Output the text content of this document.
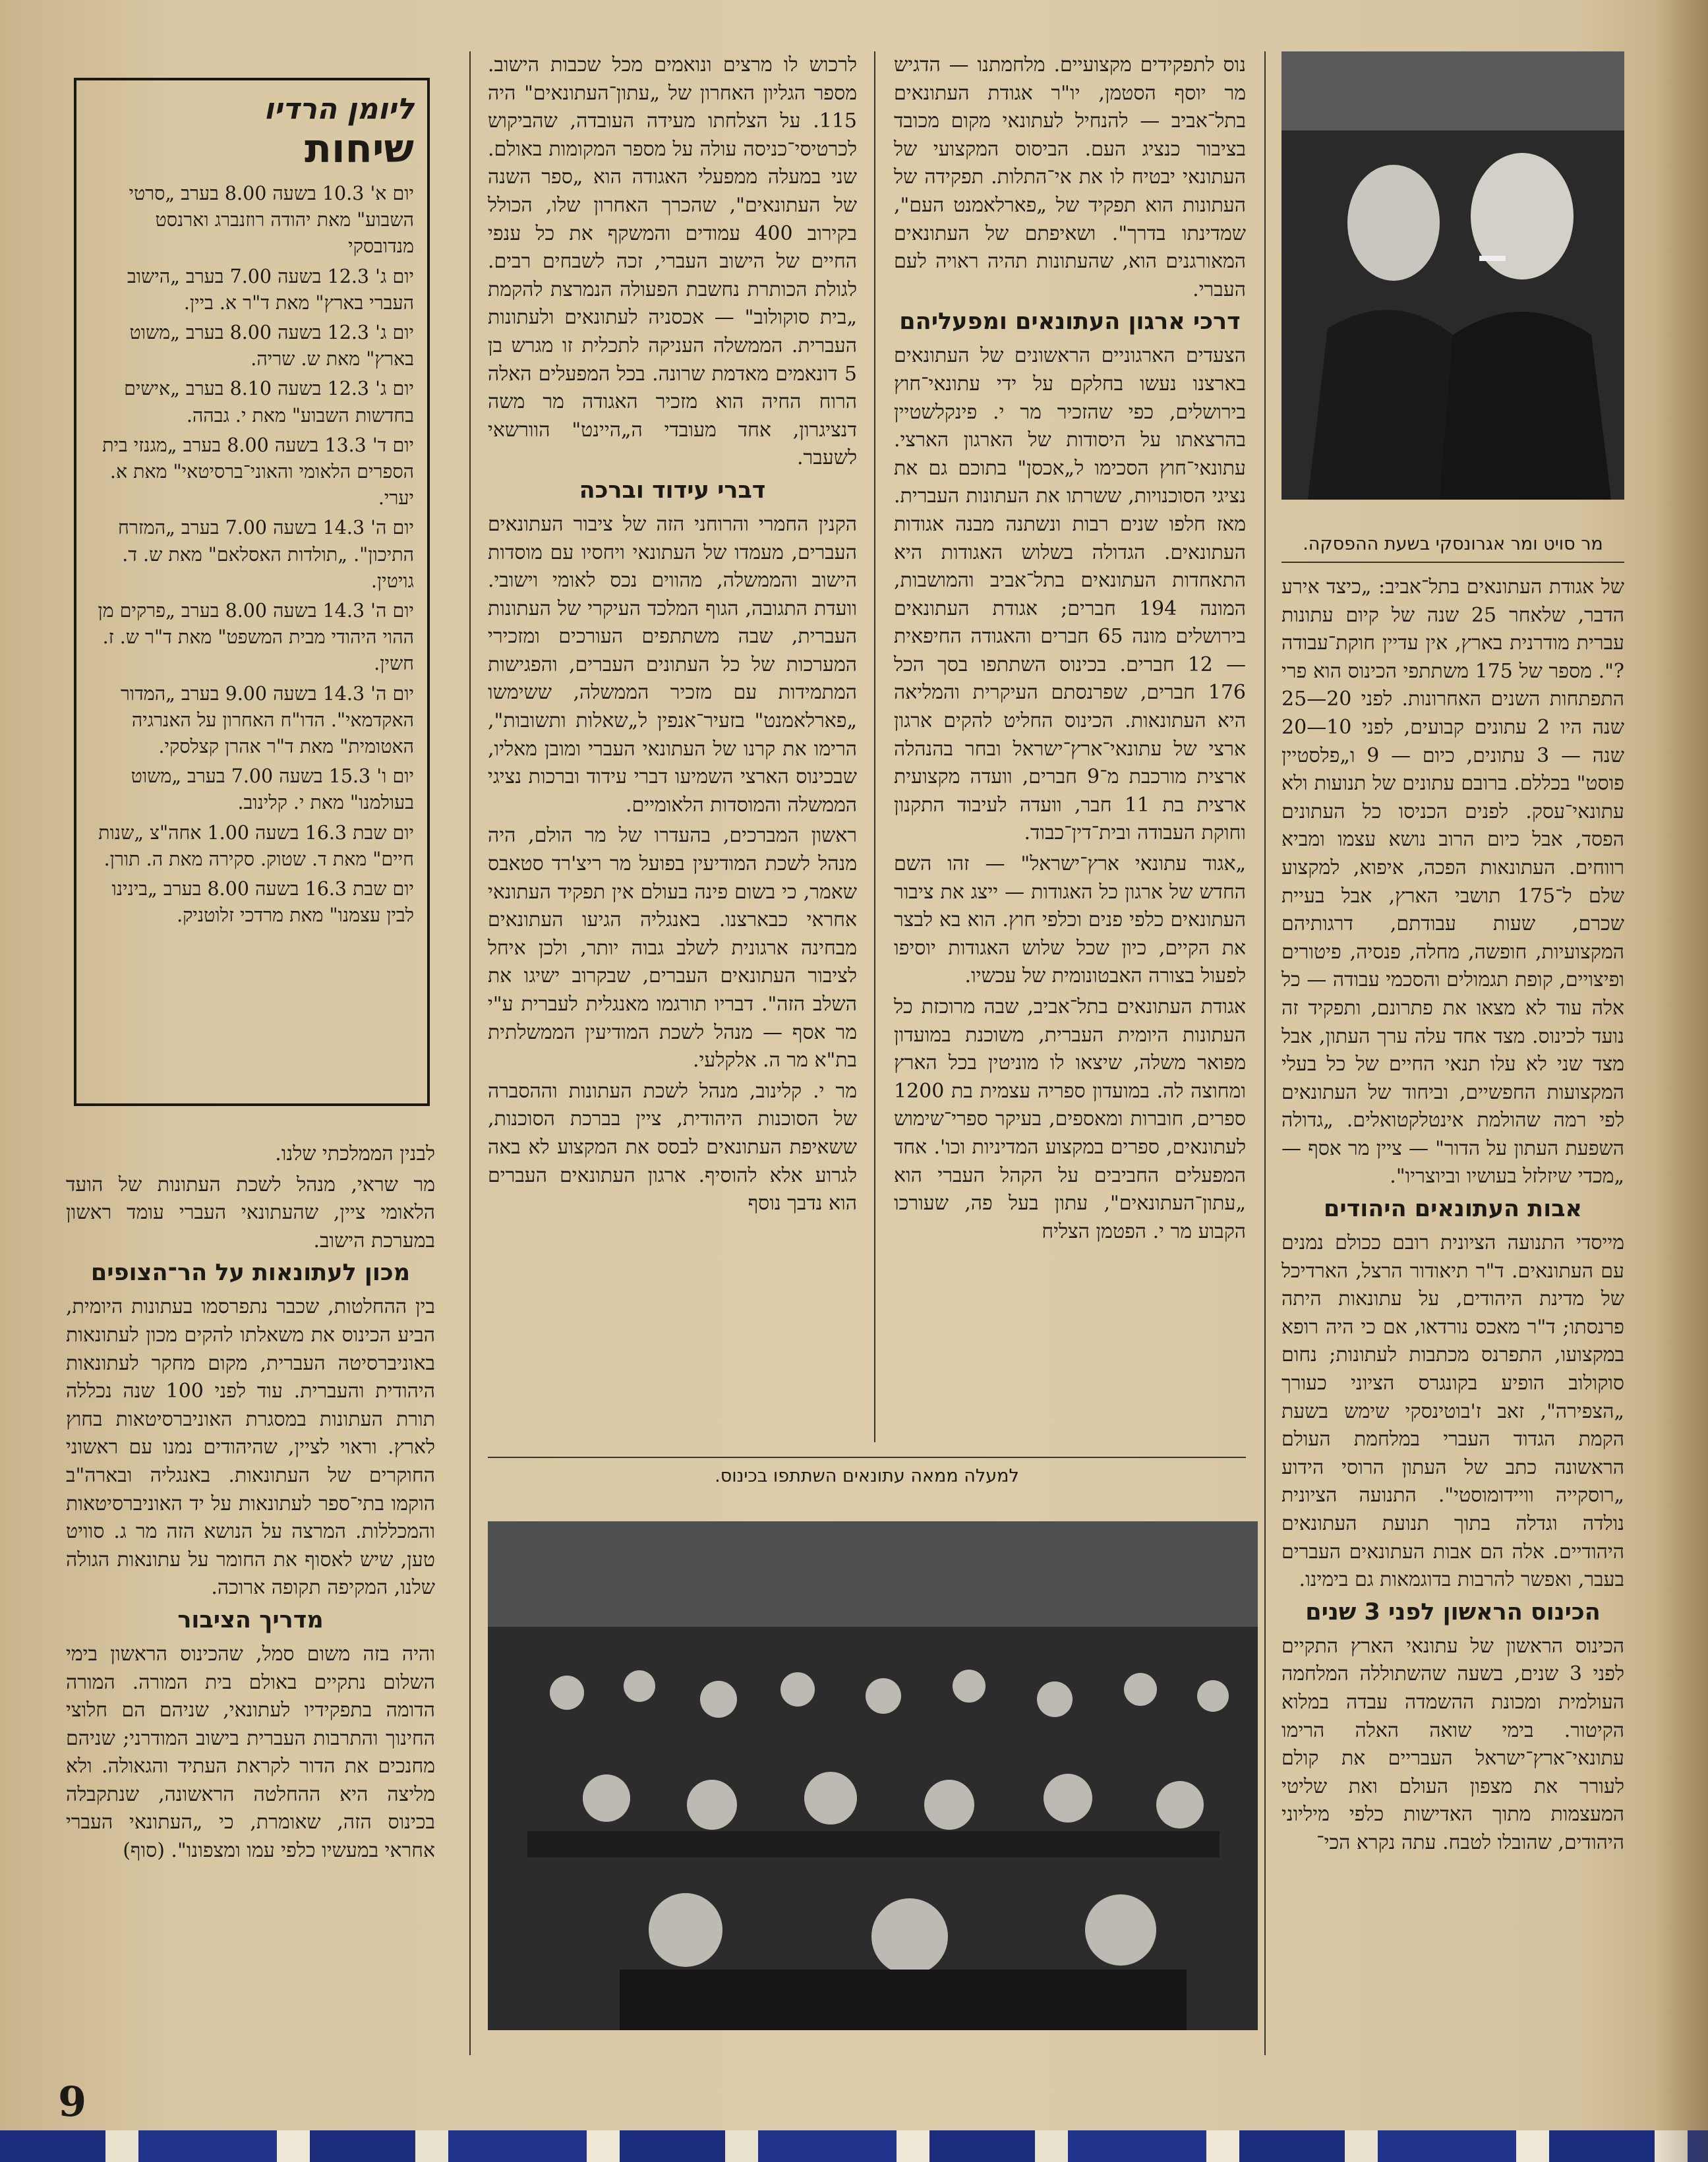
ליומן הרדיו
שיחות
יום א' 10.3 בשעה 8.00 בערב „סרטי השבוע" מאת יהודה רוזנברג וארנסט מנדובסקי
יום ג' 12.3 בשעה 7.00 בערב „הישוב העברי בארץ" מאת ד"ר א. ביין.
יום ג' 12.3 בשעה 8.00 בערב „משוט בארץ" מאת ש. שריה.
יום ג' 12.3 בשעה 8.10 בערב „אישים בחדשות השבוע" מאת י. גבהה.
יום ד' 13.3 בשעה 8.00 בערב „מגנזי בית הספרים הלאומי והאוני־ברסיטאי" מאת א. יערי.
יום ה' 14.3 בשעה 7.00 בערב „המזרח התיכון". „תולדות האסלאם" מאת ש. ד. גויטין.
יום ה' 14.3 בשעה 8.00 בערב „פרקים מן ההוי היהודי מבית המשפט" מאת ד"ר ש. ז. חשין.
יום ה' 14.3 בשעה 9.00 בערב „המדור האקדמאי". הדו"ח האחרון על האנרגיה האטומית" מאת ד"ר אהרן קצלסקי.
יום ו' 15.3 בשעה 7.00 בערב „משוט בעולמנו" מאת י. קלינוב.
יום שבת 16.3 בשעה 1.00 אחה"צ „שנות חיים" מאת ד. שטוק. סקירה מאת ה. תורן.
יום שבת 16.3 בשעה 8.00 בערב „בינינו לבין עצמנו" מאת מרדכי זלוטניק.
מר סויט ומר אגרונסקי בשעת ההפסקה.

של אגודת העתונאים בתל־אביב: „כיצד אירע הדבר, שלאחר 25 שנה של קיום עתונות עברית מודרנית בארץ, אין עדיין חוקת־עבודה ?". מספר של 175 משתתפי הכינוס הוא פרי התפתחות השנים האחרונות. לפני 20—25 שנה היו 2 עתונים קבועים, לפני 10—20 שנה — 3 עתונים, כיום — 9 ו„פלסטיין פוסט" בכללם. ברובם עתונים של תנועות ולא עתונאי־עסק. לפנים הכניסו כל העתונים הפסד, אבל כיום הרוב נושא עצמו ומביא רווחים. העתונאות הפכה, איפוא, למקצוע שלם ל־175 תושבי הארץ, אבל בעיית שכרם, שעות עבודתם, דרגותיהם המקצועיות, חופשה, מחלה, פנסיה, פיטורים ופיצויים, קופת תגמולים והסכמי עבודה — כל אלה עוד לא מצאו את פתרונם, ותפקיד זה נועד לכינוס. מצד אחד עלה ערך העתון, אבל מצד שני לא עלו תנאי החיים של כל בעלי המקצועות החפשיים, וביחוד של העתונאים לפי רמה שהולמת אינטלקטואלים. „גדולה השפעת העתון על הדור" — ציין מר אסף — „מכדי שיזלזל בעושיו וביוצריו".

אבות העתונאים היהודים

מייסדי התנועה הציונית רובם ככולם נמנים עם העתונאים. ד"ר תיאודור הרצל, הארדיכל של מדינת היהודים, על עתונאות היתה פרנסתו; ד"ר מאכס נורדאו, אם כי היה רופא במקצועו, התפרנס מכתבות לעתונות; נחום סוקולוב הופיע בקונגרס הציוני כעורך „הצפירה", זאב ז'בוטינסקי שימש בשעת הקמת הגדוד העברי במלחמת העולם הראשונה כתב של העתון הרוסי הידוע „רוסקייה וויידומוסטי". התנועה הציונית נולדה וגדלה בתוך תנועת העתונאים היהודיים. אלה הם אבות העתונאים העברים בעבר, ואפשר להרבות בדוגמאות גם בימינו.

הכינוס הראשון לפני 3 שנים

הכינוס הראשון של עתונאי הארץ התקיים לפני 3 שנים, בשעה שהשתוללה המלחמה העולמית ומכונת ההשמדה עבדה במלוא הקיטור. בימי שואה האלה הרימו עתונאי־ארץ־ישראל העבריים את קולם לעורר את מצפון העולם ואת שליטי המעצמות מתוך האדישות כלפי מיליוני היהודים, שהובלו לטבח. עתה נקרא הכי־

נוס לתפקידים מקצועיים. מלחמתנו — הדגיש מר יוסף הסטמן, יו"ר אגודת העתונאים בתל־אביב — להנחיל לעתונאי מקום מכובד בציבור כנציג העם. הביסוס המקצועי של העתונאי יבטיח לו את אי־התלות. תפקידה של העתונות הוא תפקיד של „פארלאמנט העם", שמדינתו בדרך". ושאיפתם של העתונאים המאורגנים הוא, שהעתונות תהיה ראויה לעם העברי.

דרכי ארגון העתונאים ומפעליהם

הצעדים הארגוניים הראשונים של העתונאים בארצנו נעשו בחלקם על ידי עתונאי־חוץ בירושלים, כפי שהזכיר מר י. פינקלשטיין בהרצאתו על היסודות של הארגון הארצי. עתונאי־חוץ הסכימו ל„אכסן" בתוכם גם את נציגי הסוכנויות, ששרתו את העתונות העברית. מאז חלפו שנים רבות ונשתנה מבנה אגודות העתונאים. הגדולה בשלוש האגודות היא התאחדות העתונאים בתל־אביב והמושבות, המונה 194 חברים; אגודת העתונאים בירושלים מונה 65 חברים והאגודה החיפאית — 12 חברים. בכינוס השתתפו בסך הכל 176 חברים, שפרנסתם העיקרית והמליאה היא העתונאות. הכינוס החליט להקים ארגון ארצי של עתונאי־ארץ־ישראל ובחר בהנהלה ארצית מורכבת מ־9 חברים, וועדה מקצועית ארצית בת 11 חבר, וועדה לעיבוד התקנון וחוקת העבודה ובית־דין־כבוד.

„אגוד עתונאי ארץ־ישראל" — זהו השם החדש של ארגון כל האגודות — ייצג את ציבור העתונאים כלפי פנים וכלפי חוץ. הוא בא לבצר את הקיים, כיון שכל שלוש האגודות יוסיפו לפעול בצורה האבטונומית של עכשיו.

אגודת העתונאים בתל־אביב, שבה מרוכזת כל העתונות היומית העברית, משוכנת במועדון מפואר משלה, שיצאו לו מוניטין בכל הארץ ומחוצה לה. במועדון ספריה עצמית בת 1200 ספרים, חוברות ומאספים, בעיקר ספרי־שימוש לעתונאים, ספרים במקצוע המדיניות וכו'. אחד המפעלים החביבים על הקהל העברי הוא „עתון־העתונאים", עתון בעל פה, שעורכו הקבוע מר י. הפטמן הצליח

לרכוש לו מרצים ונואמים מכל שכבות הישוב. מספר הגליון האחרון של „עתון־העתונאים" היה 115. על הצלחתו מעידה העובדה, שהביקוש לכרטיסי־כניסה עולה על מספר המקומות באולם. שני במעלה ממפעלי האגודה הוא „ספר השנה של העתונאים", שהכרך האחרון שלו, הכולל בקירוב 400 עמודים והמשקף את כל ענפי החיים של הישוב העברי, זכה לשבחים רבים. לגולת הכותרת נחשבת הפעולה הנמרצת להקמת „בית סוקולוב" — אכסניה לעתונאים ולעתונות העברית. הממשלה העניקה לתכלית זו מגרש בן 5 דונאמים מאדמת שרונה. בכל המפעלים האלה הרוח החיה הוא מזכיר האגודה מר משה דנציגרון, אחד מעובדי ה„היינט" הוורשאי לשעבר.

דברי עידוד וברכה

הקנין החמרי והרוחני הזה של ציבור העתונאים העברים, מעמדו של העתונאי ויחסיו עם מוסדות הישוב והממשלה, מהווים נכס לאומי וישובי. וועדת התגובה, הגוף המלכד העיקרי של העתונות העברית, שבה משתתפים העורכים ומזכירי המערכות של כל העתונים העברים, והפגישות המתמידות עם מזכיר הממשלה, ששימשו „פארלאמנט" בזעיר־אנפין ל„שאלות ותשובות", הרימו את קרנו של העתונאי העברי ומובן מאליו, שבכינוס הארצי השמיעו דברי עידוד וברכות נציגי הממשלה והמוסדות הלאומיים.

ראשון המברכים, בהעדרו של מר הולם, היה מנהל לשכת המודיעין בפועל מר ריצ'רד סטאבס שאמר, כי בשום פינה בעולם אין תפקיד העתונאי אחראי כבארצנו. באנגליה הגיעו העתונאים מבחינה ארגונית לשלב גבוה יותר, ולכן איחל לציבור העתונאים העברים, שבקרוב ישיגו את השלב הזה". דבריו תורגמו מאנגלית לעברית ע"י מר אסף — מנהל לשכת המודיעין הממשלתית בת"א מר ה. אלקלעי.

מר י. קלינוב, מנהל לשכת העתונות וההסברה של הסוכנות היהודית, ציין בברכת הסוכנות, ששאיפת העתונאים לבסס את המקצוע לא באה לגרוע אלא להוסיף. ארגון העתונאים העברים הוא נדבך נוסף

למעלה ממאה עתונאים השתתפו בכינוס.

לבנין הממלכתי שלנו.

מר שראי, מנהל לשכת העתונות של הועד הלאומי ציין, שהעתונאי העברי עומד ראשון במערכת הישוב.

מכון לעתונאות על הר־הצופים

בין ההחלטות, שכבר נתפרסמו בעתונות היומית, הביע הכינוס את משאלתו להקים מכון לעתונאות באוניברסיטה העברית, מקום מחקר לעתונאות היהודית והעברית. עוד לפני 100 שנה נכללה תורת העתונות במסגרת האוניברסיטאות בחוץ לארץ. וראוי לציין, שהיהודים נמנו עם ראשוני החוקרים של העתונאות. באנגליה ובארה"ב הוקמו בתי־ספר לעתונאות על יד האוניברסיטאות והמכללות. המרצה על הנושא הזה מר ג. סוויט טען, שיש לאסוף את החומר על עתונאות הגולה שלנו, המקיפה תקופה ארוכה.

מדריך הציבור

והיה בזה משום סמל, שהכינוס הראשון בימי השלום נתקיים באולם בית המורה. המורה הדומה בתפקידיו לעתונאי, שניהם הם חלוצי החינוך והתרבות העברית בישוב המודרני; שניהם מחנכים את הדור לקראת העתיד והגאולה. ולא מליצה היא ההחלטה הראשונה, שנתקבלה בכינוס הזה, שאומרת, כי „העתונאי העברי אחראי במעשיו כלפי עמו ומצפונו". (סוף)

9
